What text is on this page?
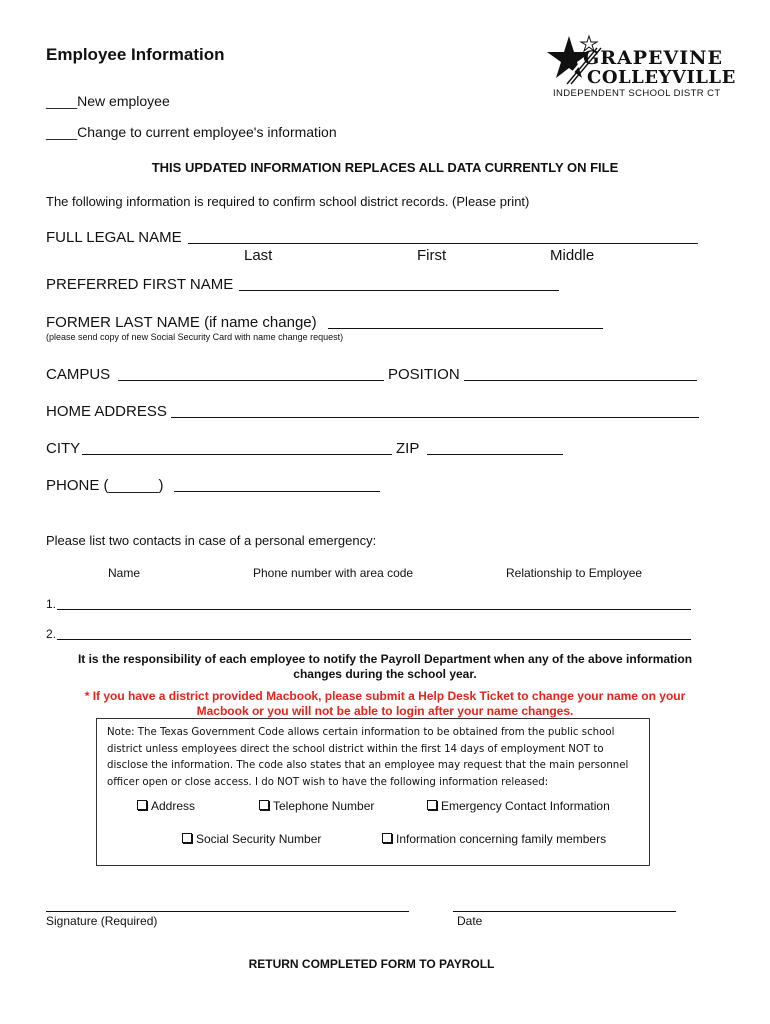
Employee Information	GRAPEVINE
COLLEYVILLE
INDEPENDENT SCHOOL DISTR CT
____New employee
____Change to current employee's information
THIS UPDATED INFORMATION REPLACES ALL DATA CURRENTLY ON FILE
The following information is required to confirm school district records. (Please print)
FULL LEGAL NAME
Last	First	Middle
PREFERRED FIRST NAME
FORMER LAST NAME (if name change)
(please send copy of new Social Security Card with name change request)
CAMPUS	POSITION
HOME ADDRESS
CITY	ZIP
PHONE (______)
Please list two contacts in case of a personal emergency:
Name	Phone number with area code	Relationship to Employee
1.
2.
It is the responsibility of each employee to notify the Payroll Department when any of the above information
changes during the school year.
* If you have a district provided Macbook, please submit a Help Desk Ticket to change your name on your
Macbook or you will not be able to login after your name changes.
Note: The Texas Government Code allows certain information to be obtained from the public school district unless employees direct the school district within the first 14 days of employment NOT to disclose the information. The code also states that an employee may request that the main personnel officer open or close access. I do NOT wish to have the following information released:
Address	Telephone Number	Emergency Contact Information
Social Security Number	Information concerning family members
Signature (Required)	Date
RETURN COMPLETED FORM TO PAYROLL
